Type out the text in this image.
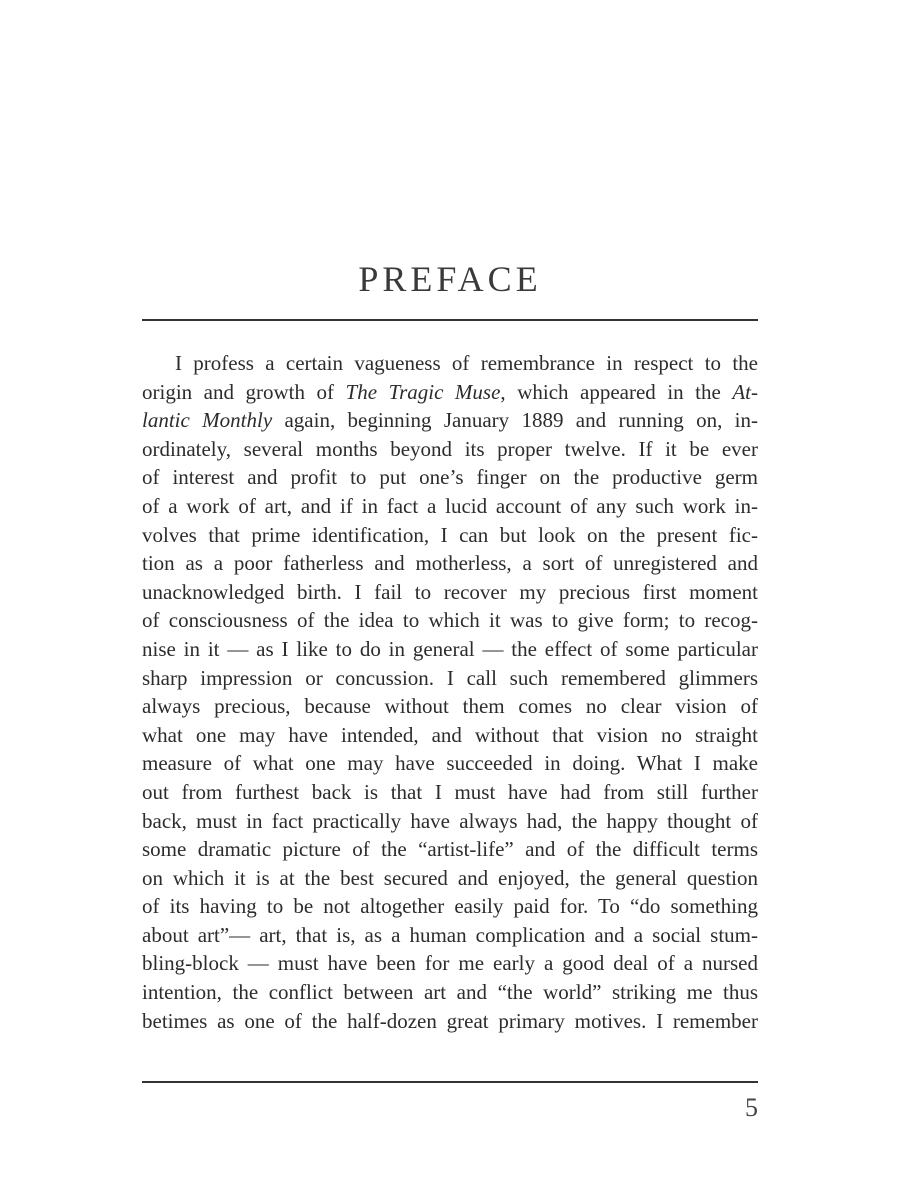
PREFACE

I profess a certain vagueness of remembrance in respect to the
origin and growth of The Tragic Muse, which appeared in the At-
lantic Monthly again, beginning January 1889 and running on, in-
ordinately, several months beyond its proper twelve. If it be ever
of interest and profit to put one’s finger on the productive germ
of a work of art, and if in fact a lucid account of any such work in-
volves that prime identification, I can but look on the present fic-
tion as a poor fatherless and motherless, a sort of unregistered and
unacknowledged birth. I fail to recover my precious first moment
of consciousness of the idea to which it was to give form; to recog-
nise in it — as I like to do in general — the effect of some particular
sharp impression or concussion. I call such remembered glimmers
always precious, because without them comes no clear vision of
what one may have intended, and without that vision no straight
measure of what one may have succeeded in doing. What I make
out from furthest back is that I must have had from still further
back, must in fact practically have always had, the happy thought of
some dramatic picture of the “artist-life” and of the difficult terms
on which it is at the best secured and enjoyed, the general question
of its having to be not altogether easily paid for. To “do something
about art”— art, that is, as a human complication and a social stum-
bling-block — must have been for me early a good deal of a nursed
intention, the conflict between art and “the world” striking me thus
betimes as one of the half-dozen great primary motives. I remember

5
